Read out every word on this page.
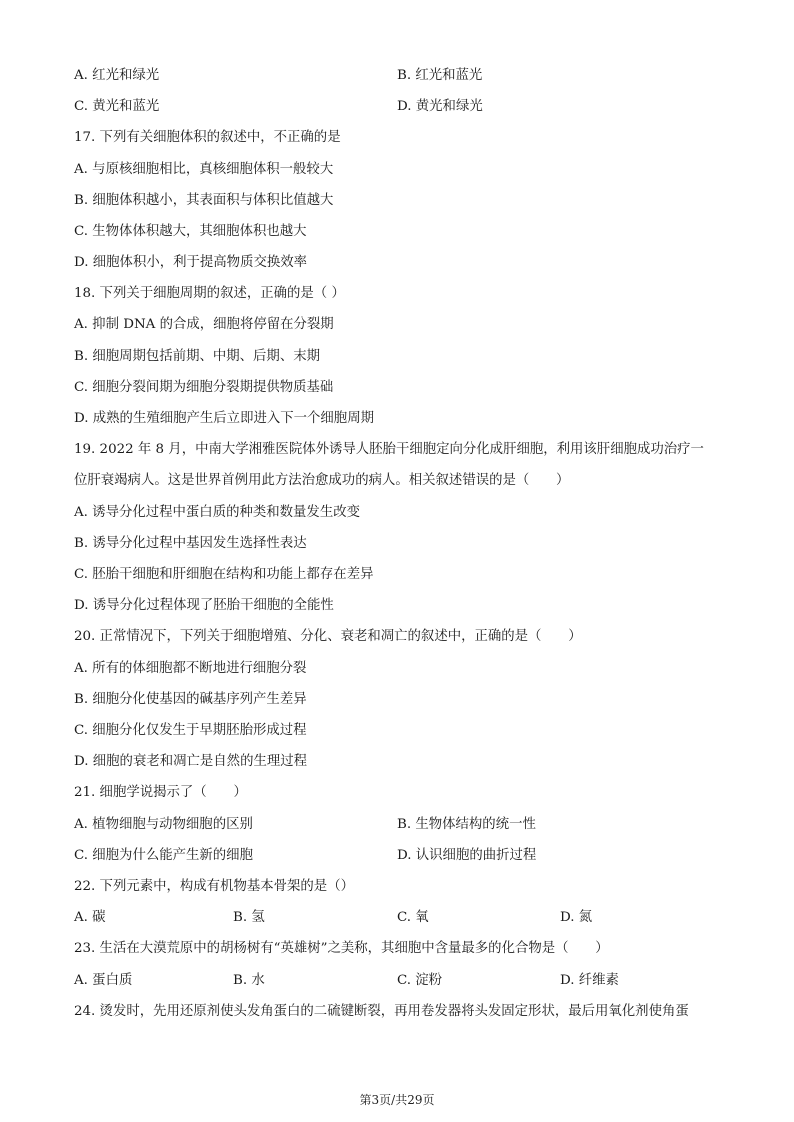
A. 红光和绿光	B. 红光和蓝光
C. 黄光和蓝光	D. 黄光和绿光
17. 下列有关细胞体积的叙述中，不正确的是
A. 与原核细胞相比，真核细胞体积一般较大
B. 细胞体积越小，其表面积与体积比值越大
C. 生物体体积越大，其细胞体积也越大
D. 细胞体积小，利于提高物质交换效率
18. 下列关于细胞周期的叙述，正确的是（ ）
A. 抑制 DNA 的合成，细胞将停留在分裂期
B. 细胞周期包括前期、中期、后期、末期
C. 细胞分裂间期为细胞分裂期提供物质基础
D. 成熟的生殖细胞产生后立即进入下一个细胞周期
19. 2022 年 8 月，中南大学湘雅医院体外诱导人胚胎干细胞定向分化成肝细胞，利用该肝细胞成功治疗一
位肝衰竭病人。这是世界首例用此方法治愈成功的病人。相关叙述错误的是（　　）
A. 诱导分化过程中蛋白质的种类和数量发生改变
B. 诱导分化过程中基因发生选择性表达
C. 胚胎干细胞和肝细胞在结构和功能上都存在差异
D. 诱导分化过程体现了胚胎干细胞的全能性
20. 正常情况下，下列关于细胞增殖、分化、衰老和凋亡的叙述中，正确的是（　　）
A. 所有的体细胞都不断地进行细胞分裂
B. 细胞分化使基因的碱基序列产生差异
C. 细胞分化仅发生于早期胚胎形成过程
D. 细胞的衰老和凋亡是自然的生理过程
21. 细胞学说揭示了（　　）
A. 植物细胞与动物细胞的区别	B. 生物体结构的统一性
C. 细胞为什么能产生新的细胞	D. 认识细胞的曲折过程
22. 下列元素中，构成有机物基本骨架的是（）
A. 碳	B. 氢	C. 氧	D. 氮
23. 生活在大漠荒原中的胡杨树有“英雄树”之美称，其细胞中含量最多的化合物是（　　）
A. 蛋白质	B. 水	C. 淀粉	D. 纤维素
24. 烫发时，先用还原剂使头发角蛋白的二硫键断裂，再用卷发器将头发固定形状，最后用氧化剂使角蛋
第3页/共29页
